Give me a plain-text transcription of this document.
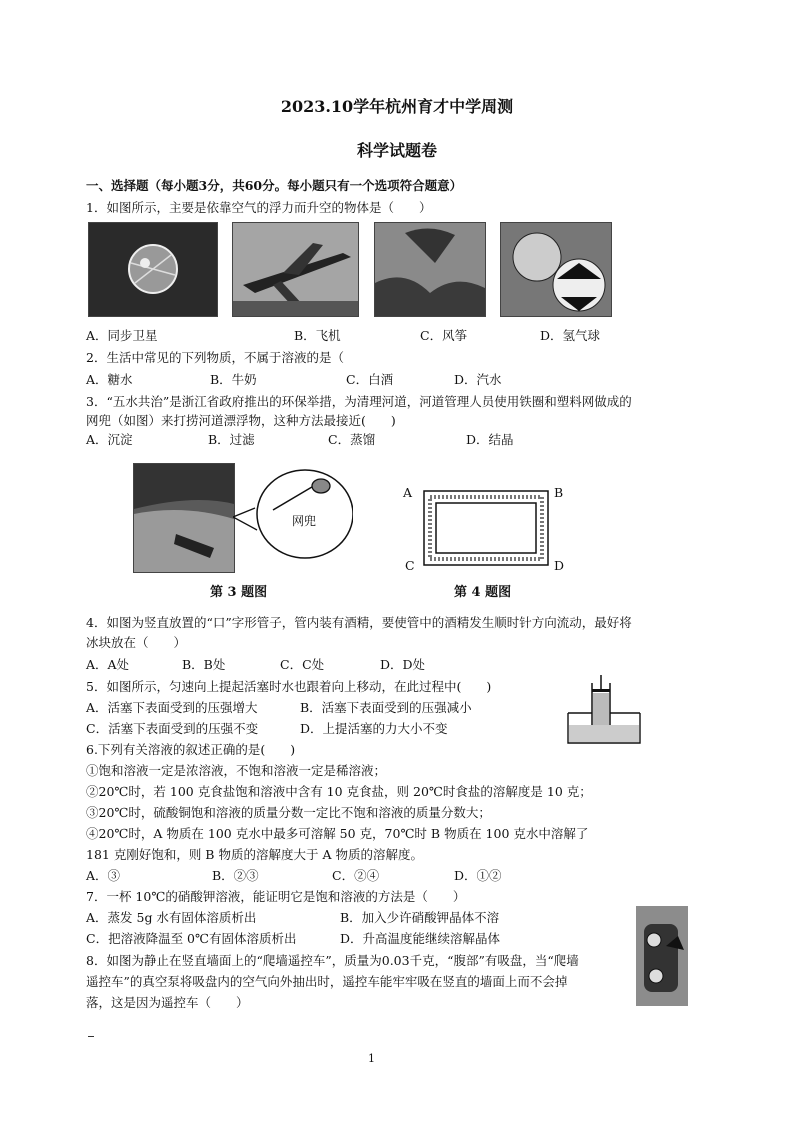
2023.10学年杭州育才中学周测
科学试题卷
一、选择题（每小题3分，共60分。每小题只有一个选项符合题意）
1．如图所示，主要是依靠空气的浮力而升空的物体是（　　）
A．同步卫星	B．飞机	C．风筝	D．氢气球
2．生活中常见的下列物质，不属于溶液的是（
A．糖水	B．牛奶	C．白酒	D．汽水
3．“五水共治”是浙江省政府推出的环保举措，为清理河道，河道管理人员使用铁圈和塑料网做成的
网兜（如图）来打捞河道漂浮物，这种方法最接近(　　)
A．沉淀	B．过滤	C．蒸馏	D．结晶
网兜
第 3 题图
A	B
C	D
第 4 题图
4．如图为竖直放置的“口”字形管子，管内装有酒精，要使管中的酒精发生顺时针方向流动，最好将
冰块放在（　　）
A．A处	B．B处	C．C处	D．D处
5．如图所示，匀速向上提起活塞时水也跟着向上移动，在此过程中(　　)
A．活塞下表面受到的压强增大	B．活塞下表面受到的压强减小
C．活塞下表面受到的压强不变	D．上提活塞的力大小不变
6.下列有关溶液的叙述正确的是(　　)
①饱和溶液一定是浓溶液，不饱和溶液一定是稀溶液；
②20℃时，若 100 克食盐饱和溶液中含有 10 克食盐，则 20℃时食盐的溶解度是 10 克；
③20℃时，硫酸铜饱和溶液的质量分数一定比不饱和溶液的质量分数大；
④20℃时，A 物质在 100 克水中最多可溶解 50 克，70℃时 B 物质在 100 克水中溶解了
181 克刚好饱和，则 B 物质的溶解度大于 A 物质的溶解度。
A．③	B．②③	C．②④	D．①②
7．一杯 10℃的硝酸钾溶液，能证明它是饱和溶液的方法是（　　）
A．蒸发 5g 水有固体溶质析出	B．加入少许硝酸钾晶体不溶
C．把溶液降温至 0℃有固体溶质析出	D．升高温度能继续溶解晶体
8．如图为静止在竖直墙面上的“爬墙遥控车”，质量为0.03千克，“腹部”有吸盘，当“爬墙
遥控车”的真空泵将吸盘内的空气向外抽出时，遥控车能牢牢吸在竖直的墙面上而不会掉
落，这是因为遥控车（　　）
1
